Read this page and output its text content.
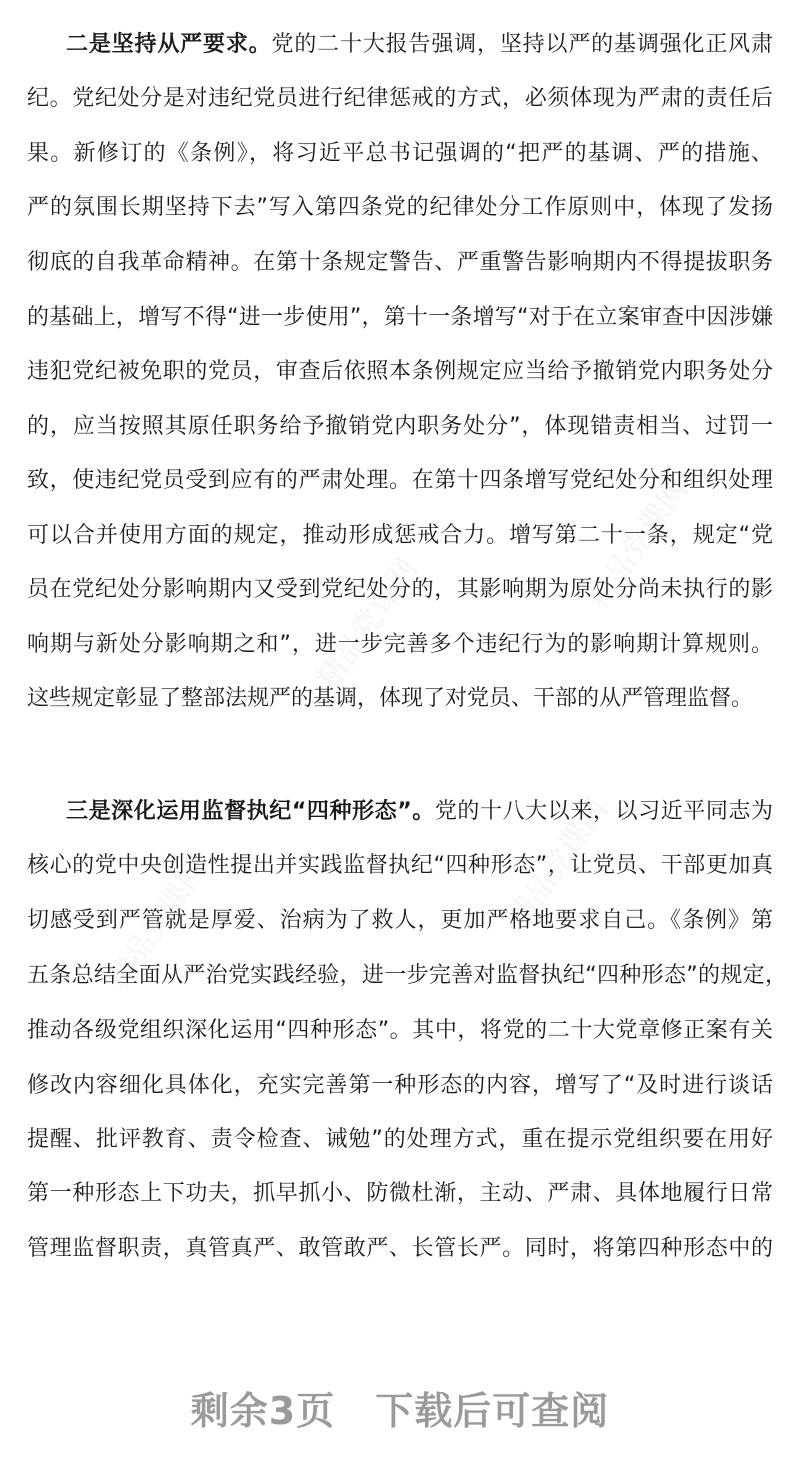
二是坚持从严要求。党的二十大报告强调，坚持以严的基调强化正风肃
纪。党纪处分是对违纪党员进行纪律惩戒的方式，必须体现为严肃的责任后
果。新修订的《条例》，将习近平总书记强调的“把严的基调、严的措施、
严的氛围长期坚持下去”写入第四条党的纪律处分工作原则中，体现了发扬
彻底的自我革命精神。在第十条规定警告、严重警告影响期内不得提拔职务
的基础上，增写不得“进一步使用”，第十一条增写“对于在立案审查中因涉嫌
违犯党纪被免职的党员，审查后依照本条例规定应当给予撤销党内职务处分
的，应当按照其原任职务给予撤销党内职务处分”，体现错责相当、过罚一
致，使违纪党员受到应有的严肃处理。在第十四条增写党纪处分和组织处理
可以合并使用方面的规定，推动形成惩戒合力。增写第二十一条，规定“党
员在党纪处分影响期内又受到党纪处分的，其影响期为原处分尚未执行的影
响期与新处分影响期之和”，进一步完善多个违纪行为的影响期计算规则。
这些规定彰显了整部法规严的基调，体现了对党员、干部的从严管理监督。
三是深化运用监督执纪“四种形态”。党的十八大以来，以习近平同志为
核心的党中央创造性提出并实践监督执纪“四种形态”，让党员、干部更加真
切感受到严管就是厚爱、治病为了救人，更加严格地要求自己。《条例》第
五条总结全面从严治党实践经验，进一步完善对监督执纪“四种形态”的规定，
推动各级党组织深化运用“四种形态”。其中，将党的二十大党章修正案有关
修改内容细化具体化，充实完善第一种形态的内容，增写了“及时进行谈话
提醒、批评教育、责令检查、诫勉”的处理方式，重在提示党组织要在用好
第一种形态上下功夫，抓早抓小、防微杜渐，主动、严肃、具体地履行日常
管理监督职责，真管真严、敢管敢严、长管长严。同时，将第四种形态中的
剩余3页 下载后可查阅
